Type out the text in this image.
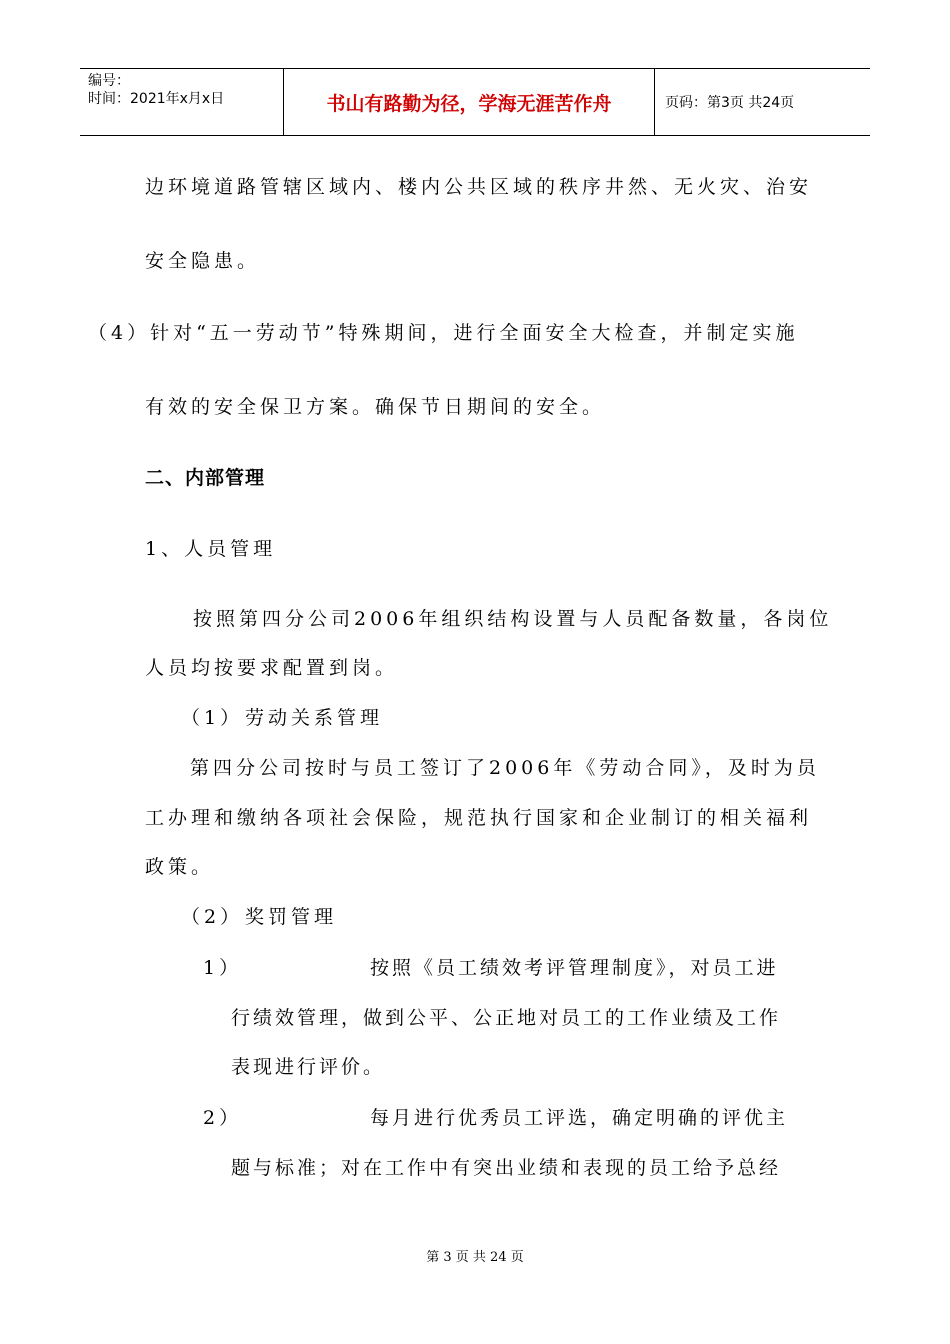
编号：
时间：2021年x月x日	书山有路勤为径，学海无涯苦作舟	页码：第3页 共24页
边环境道路管辖区域内、楼内公共区域的秩序井然、无火灾、治安
安全隐患。
（4）针对“五一劳动节”特殊期间，进行全面安全大检查，并制定实施
有效的安全保卫方案。确保节日期间的安全。
二、内部管理
1、人员管理
按照第四分公司2006年组织结构设置与人员配备数量，各岗位
人员均按要求配置到岗。
（1） 劳动关系管理
第四分公司按时与员工签订了2006年《劳动合同》，及时为员
工办理和缴纳各项社会保险，规范执行国家和企业制订的相关福利
政策。
（2） 奖罚管理
1）	按照《员工绩效考评管理制度》，对员工进
行绩效管理，做到公平、公正地对员工的工作业绩及工作
表现进行评价。
2）	每月进行优秀员工评选，确定明确的评优主
题与标准；对在工作中有突出业绩和表现的员工给予总经
第 3 页 共 24 页
